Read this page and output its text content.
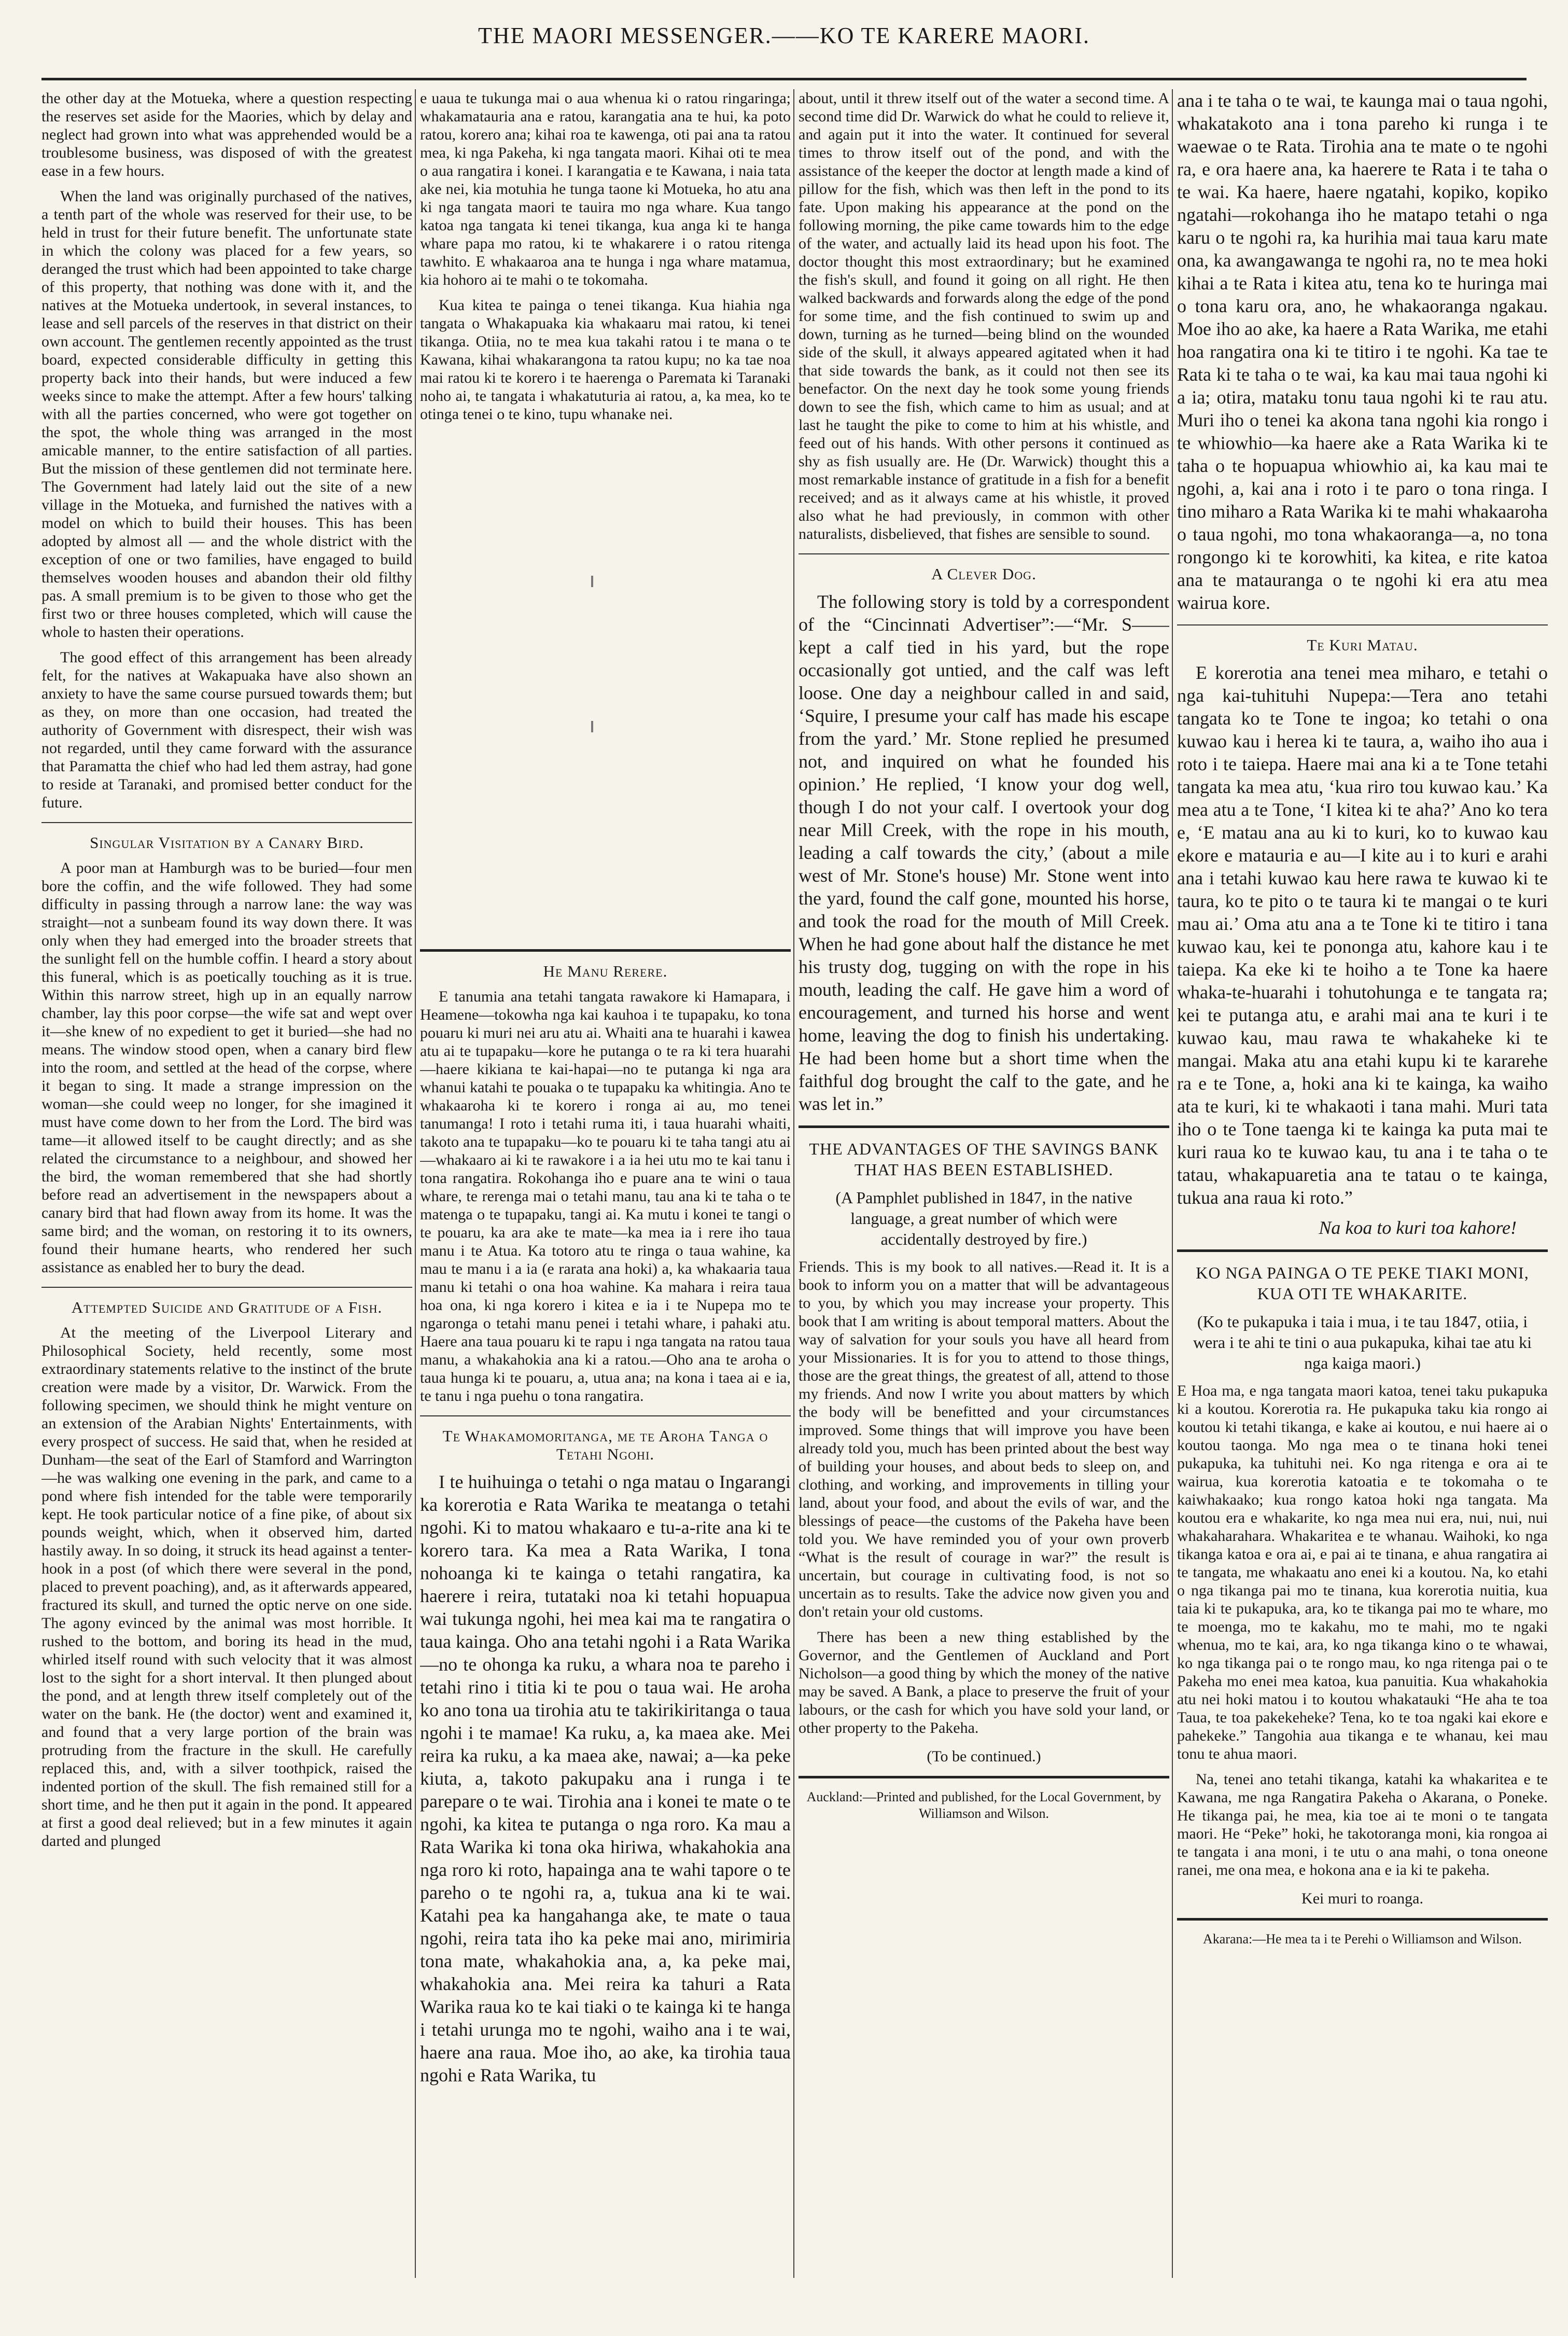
THE MAORI MESSENGER.——KO TE KARERE MAORI.

the other day at the Motueka, where a question respecting the reserves set aside for the Maories, which by delay and neglect had grown into what was apprehended would be a troublesome business, was disposed of with the greatest ease in a few hours.

When the land was originally purchased of the natives, a tenth part of the whole was reserved for their use, to be held in trust for their future benefit. The unfortunate state in which the colony was placed for a few years, so deranged the trust which had been appointed to take charge of this property, that nothing was done with it, and the natives at the Motueka undertook, in several instances, to lease and sell parcels of the reserves in that district on their own account. The gentlemen recently appointed as the trust board, expected considerable difficulty in getting this property back into their hands, but were induced a few weeks since to make the attempt. After a few hours' talking with all the parties concerned, who were got together on the spot, the whole thing was arranged in the most amicable manner, to the entire satisfaction of all parties. But the mission of these gentlemen did not terminate here. The Government had lately laid out the site of a new village in the Motueka, and furnished the natives with a model on which to build their houses. This has been adopted by almost all — and the whole district with the exception of one or two families, have engaged to build themselves wooden houses and abandon their old filthy pas. A small premium is to be given to those who get the first two or three houses completed, which will cause the whole to hasten their operations.

The good effect of this arrangement has been already felt, for the natives at Wakapuaka have also shown an anxiety to have the same course pursued towards them; but as they, on more than one occasion, had treated the authority of Government with disrespect, their wish was not regarded, until they came forward with the assurance that Paramatta the chief who had led them astray, had gone to reside at Taranaki, and promised better conduct for the future.

Singular Visitation by a Canary Bird.

A poor man at Hamburgh was to be buried—four men bore the coffin, and the wife followed. They had some difficulty in passing through a narrow lane: the way was straight—not a sunbeam found its way down there. It was only when they had emerged into the broader streets that the sunlight fell on the humble coffin. I heard a story about this funeral, which is as poetically touching as it is true. Within this narrow street, high up in an equally narrow chamber, lay this poor corpse—the wife sat and wept over it—she knew of no expedient to get it buried—she had no means. The window stood open, when a canary bird flew into the room, and settled at the head of the corpse, where it began to sing. It made a strange impression on the woman—she could weep no longer, for she imagined it must have come down to her from the Lord. The bird was tame—it allowed itself to be caught directly; and as she related the circumstance to a neighbour, and showed her the bird, the woman remembered that she had shortly before read an advertisement in the newspapers about a canary bird that had flown away from its home. It was the same bird; and the woman, on restoring it to its owners, found their humane hearts, who rendered her such assistance as enabled her to bury the dead.

Attempted Suicide and Gratitude of a Fish.

At the meeting of the Liverpool Literary and Philosophical Society, held recently, some most extraordinary statements relative to the instinct of the brute creation were made by a visitor, Dr. Warwick. From the following specimen, we should think he might venture on an extension of the Arabian Nights' Entertainments, with every prospect of success. He said that, when he resided at Dunham—the seat of the Earl of Stamford and Warrington—he was walking one evening in the park, and came to a pond where fish intended for the table were temporarily kept. He took particular notice of a fine pike, of about six pounds weight, which, when it observed him, darted hastily away. In so doing, it struck its head against a tenter-hook in a post (of which there were several in the pond, placed to prevent poaching), and, as it afterwards appeared, fractured its skull, and turned the optic nerve on one side. The agony evinced by the animal was most horrible. It rushed to the bottom, and boring its head in the mud, whirled itself round with such velocity that it was almost lost to the sight for a short interval. It then plunged about the pond, and at length threw itself completely out of the water on the bank. He (the doctor) went and examined it, and found that a very large portion of the brain was protruding from the fracture in the skull. He carefully replaced this, and, with a silver toothpick, raised the indented portion of the skull. The fish remained still for a short time, and he then put it again in the pond. It appeared at first a good deal relieved; but in a few minutes it again darted and plunged

e uaua te tukunga mai o aua whenua ki o ratou ringaringa; whakamatauria ana e ratou, karangatia ana te hui, ka poto ratou, korero ana; kihai roa te kawenga, oti pai ana ta ratou mea, ki nga Pakeha, ki nga tangata maori. Kihai oti te mea o aua rangatira i konei. I karangatia e te Kawana, i naia tata ake nei, kia motuhia he tunga taone ki Motueka, ho atu ana ki nga tangata maori te tauira mo nga whare. Kua tango katoa nga tangata ki tenei tikanga, kua anga ki te hanga whare papa mo ratou, ki te whakarere i o ratou ritenga tawhito. E whakaaroa ana te hunga i nga whare matamua, kia hohoro ai te mahi o te tokomaha.

Kua kitea te painga o tenei tikanga. Kua hiahia nga tangata o Whakapuaka kia whakaaru mai ratou, ki tenei tikanga. Otiia, no te mea kua takahi ratou i te mana o te Kawana, kihai whakarangona ta ratou kupu; no ka tae noa mai ratou ki te korero i te haerenga o Paremata ki Taranaki noho ai, te tangata i whakatuturia ai ratou, a, ka mea, ko te otinga tenei o te kino, tupu whanake nei.

He Manu Rerere.

E tanumia ana tetahi tangata rawakore ki Hamapara, i Heamene—tokowha nga kai kauhoa i te tupapaku, ko tona pouaru ki muri nei aru atu ai. Whaiti ana te huarahi i kawea atu ai te tupapaku—kore he putanga o te ra ki tera huarahi—haere kikiana te kai-hapai—no te putanga ki nga ara whanui katahi te pouaka o te tupapaku ka whitingia. Ano te whakaaroha ki te korero i ronga ai au, mo tenei tanumanga! I roto i tetahi ruma iti, i taua huarahi whaiti, takoto ana te tupapaku—ko te pouaru ki te taha tangi atu ai—whakaaro ai ki te rawakore i a ia hei utu mo te kai tanu i tona rangatira. Rokohanga iho e puare ana te wini o taua whare, te rerenga mai o tetahi manu, tau ana ki te taha o te matenga o te tupapaku, tangi ai. Ka mutu i konei te tangi o te pouaru, ka ara ake te mate—ka mea ia i rere iho taua manu i te Atua. Ka totoro atu te ringa o taua wahine, ka mau te manu i a ia (e rarata ana hoki) a, ka whakaaria taua manu ki tetahi o ona hoa wahine. Ka mahara i reira taua hoa ona, ki nga korero i kitea e ia i te Nupepa mo te ngaronga o tetahi manu penei i tetahi whare, i pahaki atu. Haere ana taua pouaru ki te rapu i nga tangata na ratou taua manu, a whakahokia ana ki a ratou.—Oho ana te aroha o taua hunga ki te pouaru, a, utua ana; na kona i taea ai e ia, te tanu i nga puehu o tona rangatira.

Te Whakamomoritanga, me te Aroha Tanga o Tetahi Ngohi.

I te huihuinga o tetahi o nga matau o Ingarangi ka korerotia e Rata Warika te meatanga o tetahi ngohi. Ki to matou whakaaro e tu-a-rite ana ki te korero tara. Ka mea a Rata Warika, I tona nohoanga ki te kainga o tetahi rangatira, ka haerere i reira, tutataki noa ki tetahi hopuapua wai tukunga ngohi, hei mea kai ma te rangatira o taua kainga. Oho ana tetahi ngohi i a Rata Warika—no te ohonga ka ruku, a whara noa te pareho i tetahi rino i titia ki te pou o taua wai. He aroha ko ano tona ua tirohia atu te takirikiritanga o taua ngohi i te mamae! Ka ruku, a, ka maea ake. Mei reira ka ruku, a ka maea ake, nawai; a—ka peke kiuta, a, takoto pakupaku ana i runga i te parepare o te wai. Tirohia ana i konei te mate o te ngohi, ka kitea te putanga o nga roro. Ka mau a Rata Warika ki tona oka hiriwa, whakahokia ana nga roro ki roto, hapainga ana te wahi tapore o te pareho o te ngohi ra, a, tukua ana ki te wai. Katahi pea ka hangahanga ake, te mate o taua ngohi, reira tata iho ka peke mai ano, mirimiria tona mate, whakahokia ana, a, ka peke mai, whakahokia ana. Mei reira ka tahuri a Rata Warika raua ko te kai tiaki o te kainga ki te hanga i tetahi urunga mo te ngohi, waiho ana i te wai, haere ana raua. Moe iho, ao ake, ka tirohia taua ngohi e Rata Warika, tu

about, until it threw itself out of the water a second time. A second time did Dr. Warwick do what he could to relieve it, and again put it into the water. It continued for several times to throw itself out of the pond, and with the assistance of the keeper the doctor at length made a kind of pillow for the fish, which was then left in the pond to its fate. Upon making his appearance at the pond on the following morning, the pike came towards him to the edge of the water, and actually laid its head upon his foot. The doctor thought this most extraordinary; but he examined the fish's skull, and found it going on all right. He then walked backwards and forwards along the edge of the pond for some time, and the fish continued to swim up and down, turning as he turned—being blind on the wounded side of the skull, it always appeared agitated when it had that side towards the bank, as it could not then see its benefactor. On the next day he took some young friends down to see the fish, which came to him as usual; and at last he taught the pike to come to him at his whistle, and feed out of his hands. With other persons it continued as shy as fish usually are. He (Dr. Warwick) thought this a most remarkable instance of gratitude in a fish for a benefit received; and as it always came at his whistle, it proved also what he had previously, in common with other naturalists, disbelieved, that fishes are sensible to sound.

A Clever Dog.

The following story is told by a correspondent of the “Cincinnati Advertiser”:—“Mr. S—— kept a calf tied in his yard, but the rope occasionally got untied, and the calf was left loose. One day a neighbour called in and said, ‘Squire, I presume your calf has made his escape from the yard.’ Mr. Stone replied he presumed not, and inquired on what he founded his opinion.’ He replied, ‘I know your dog well, though I do not your calf. I overtook your dog near Mill Creek, with the rope in his mouth, leading a calf towards the city,’ (about a mile west of Mr. Stone's house) Mr. Stone went into the yard, found the calf gone, mounted his horse, and took the road for the mouth of Mill Creek. When he had gone about half the distance he met his trusty dog, tugging on with the rope in his mouth, leading the calf. He gave him a word of encouragement, and turned his horse and went home, leaving the dog to finish his undertaking. He had been home but a short time when the faithful dog brought the calf to the gate, and he was let in.”

THE ADVANTAGES OF THE SAVINGS BANK THAT HAS BEEN ESTABLISHED.
(A Pamphlet published in 1847, in the native language, a great number of which were accidentally destroyed by fire.)

Friends. This is my book to all natives.—Read it. It is a book to inform you on a matter that will be advantageous to you, by which you may increase your property. This book that I am writing is about temporal matters. About the way of salvation for your souls you have all heard from your Missionaries. It is for you to attend to those things, those are the great things, the greatest of all, attend to those my friends. And now I write you about matters by which the body will be benefitted and your circumstances improved. Some things that will improve you have been already told you, much has been printed about the best way of building your houses, and about beds to sleep on, and clothing, and working, and improvements in tilling your land, about your food, and about the evils of war, and the blessings of peace—the customs of the Pakeha have been told you. We have reminded you of your own proverb “What is the result of courage in war?” the result is uncertain, but courage in cultivating food, is not so uncertain as to results. Take the advice now given you and don't retain your old customs.

There has been a new thing established by the Governor, and the Gentlemen of Auckland and Port Nicholson—a good thing by which the money of the native may be saved. A Bank, a place to preserve the fruit of your labours, or the cash for which you have sold your land, or other property to the Pakeha.

(To be continued.)

Auckland:—Printed and published, for the Local Government, by Williamson and Wilson.

ana i te taha o te wai, te kaunga mai o taua ngohi, whakatakoto ana i tona pareho ki runga i te waewae o te Rata. Tirohia ana te mate o te ngohi ra, e ora haere ana, ka haerere te Rata i te taha o te wai. Ka haere, haere ngatahi, kopiko, kopiko ngatahi—rokohanga iho he matapo tetahi o nga karu o te ngohi ra, ka hurihia mai taua karu mate ona, ka awangawanga te ngohi ra, no te mea hoki kihai a te Rata i kitea atu, tena ko te huringa mai o tona karu ora, ano, he whakaoranga ngakau. Moe iho ao ake, ka haere a Rata Warika, me etahi hoa rangatira ona ki te titiro i te ngohi. Ka tae te Rata ki te taha o te wai, ka kau mai taua ngohi ki a ia; otira, mataku tonu taua ngohi ki te rau atu. Muri iho o tenei ka akona tana ngohi kia rongo i te whiowhio—ka haere ake a Rata Warika ki te taha o te hopuapua whiowhio ai, ka kau mai te ngohi, a, kai ana i roto i te paro o tona ringa. I tino miharo a Rata Warika ki te mahi whakaaroha o taua ngohi, mo tona whakaoranga—a, no tona rongongo ki te korowhiti, ka kitea, e rite katoa ana te matauranga o te ngohi ki era atu mea wairua kore.

Te Kuri Matau.

E korerotia ana tenei mea miharo, e tetahi o nga kai-tuhituhi Nupepa:—Tera ano tetahi tangata ko te Tone te ingoa; ko tetahi o ona kuwao kau i herea ki te taura, a, waiho iho aua i roto i te taiepa. Haere mai ana ki a te Tone tetahi tangata ka mea atu, ‘kua riro tou kuwao kau.’ Ka mea atu a te Tone, ‘I kitea ki te aha?’ Ano ko tera e, ‘E matau ana au ki to kuri, ko to kuwao kau ekore e matauria e au—I kite au i to kuri e arahi ana i tetahi kuwao kau here rawa te kuwao ki te taura, ko te pito o te taura ki te mangai o te kuri mau ai.’ Oma atu ana a te Tone ki te titiro i tana kuwao kau, kei te pononga atu, kahore kau i te taiepa. Ka eke ki te hoiho a te Tone ka haere whaka-te-huarahi i tohutohunga e te tangata ra; kei te putanga atu, e arahi mai ana te kuri i te kuwao kau, mau rawa te whakaheke ki te mangai. Maka atu ana etahi kupu ki te kararehe ra e te Tone, a, hoki ana ki te kainga, ka waiho ata te kuri, ki te whakaoti i tana mahi. Muri tata iho o te Tone taenga ki te kainga ka puta mai te kuri raua ko te kuwao kau, tu ana i te taha o te tatau, whakapuaretia ana te tatau o te kainga, tukua ana raua ki roto.”

Na koa to kuri toa kahore!

KO NGA PAINGA O TE PEKE TIAKI MONI, KUA OTI TE WHAKARITE.
(Ko te pukapuka i taia i mua, i te tau 1847, otiia, i wera i te ahi te tini o aua pukapuka, kihai tae atu ki nga kaiga maori.)

E Hoa ma, e nga tangata maori katoa, tenei taku pukapuka ki a koutou. Korerotia ra. He pukapuka taku kia rongo ai koutou ki tetahi tikanga, e kake ai koutou, e nui haere ai o koutou taonga. Mo nga mea o te tinana hoki tenei pukapuka, ka tuhituhi nei. Ko nga ritenga e ora ai te wairua, kua korerotia katoatia e te tokomaha o te kaiwhakaako; kua rongo katoa hoki nga tangata. Ma koutou era e whakarite, ko nga mea nui era, nui, nui, nui whakaharahara. Whakaritea e te whanau. Waihoki, ko nga tikanga katoa e ora ai, e pai ai te tinana, e ahua rangatira ai te tangata, me whakaatu ano enei ki a koutou. Na, ko etahi o nga tikanga pai mo te tinana, kua korerotia nuitia, kua taia ki te pukapuka, ara, ko te tikanga pai mo te whare, mo te moenga, mo te kakahu, mo te mahi, mo te ngaki whenua, mo te kai, ara, ko nga tikanga kino o te whawai, ko nga tikanga pai o te rongo mau, ko nga ritenga pai o te Pakeha mo enei mea katoa, kua panuitia. Kua whakahokia atu nei hoki matou i to koutou whakatauki “He aha te toa Taua, te toa pakekeheke? Tena, ko te toa ngaki kai ekore e pahekeke.” Tangohia aua tikanga e te whanau, kei mau tonu te ahua maori.

Na, tenei ano tetahi tikanga, katahi ka whakaritea e te Kawana, me nga Rangatira Pakeha o Akarana, o Poneke. He tikanga pai, he mea, kia toe ai te moni o te tangata maori. He “Peke” hoki, he takotoranga moni, kia rongoa ai te tangata i ana moni, i te utu o ana mahi, o tona oneone ranei, me ona mea, e hokona ana e ia ki te pakeha.

Kei muri to roanga.

Akarana:—He mea ta i te Perehi o Williamson and Wilson.
